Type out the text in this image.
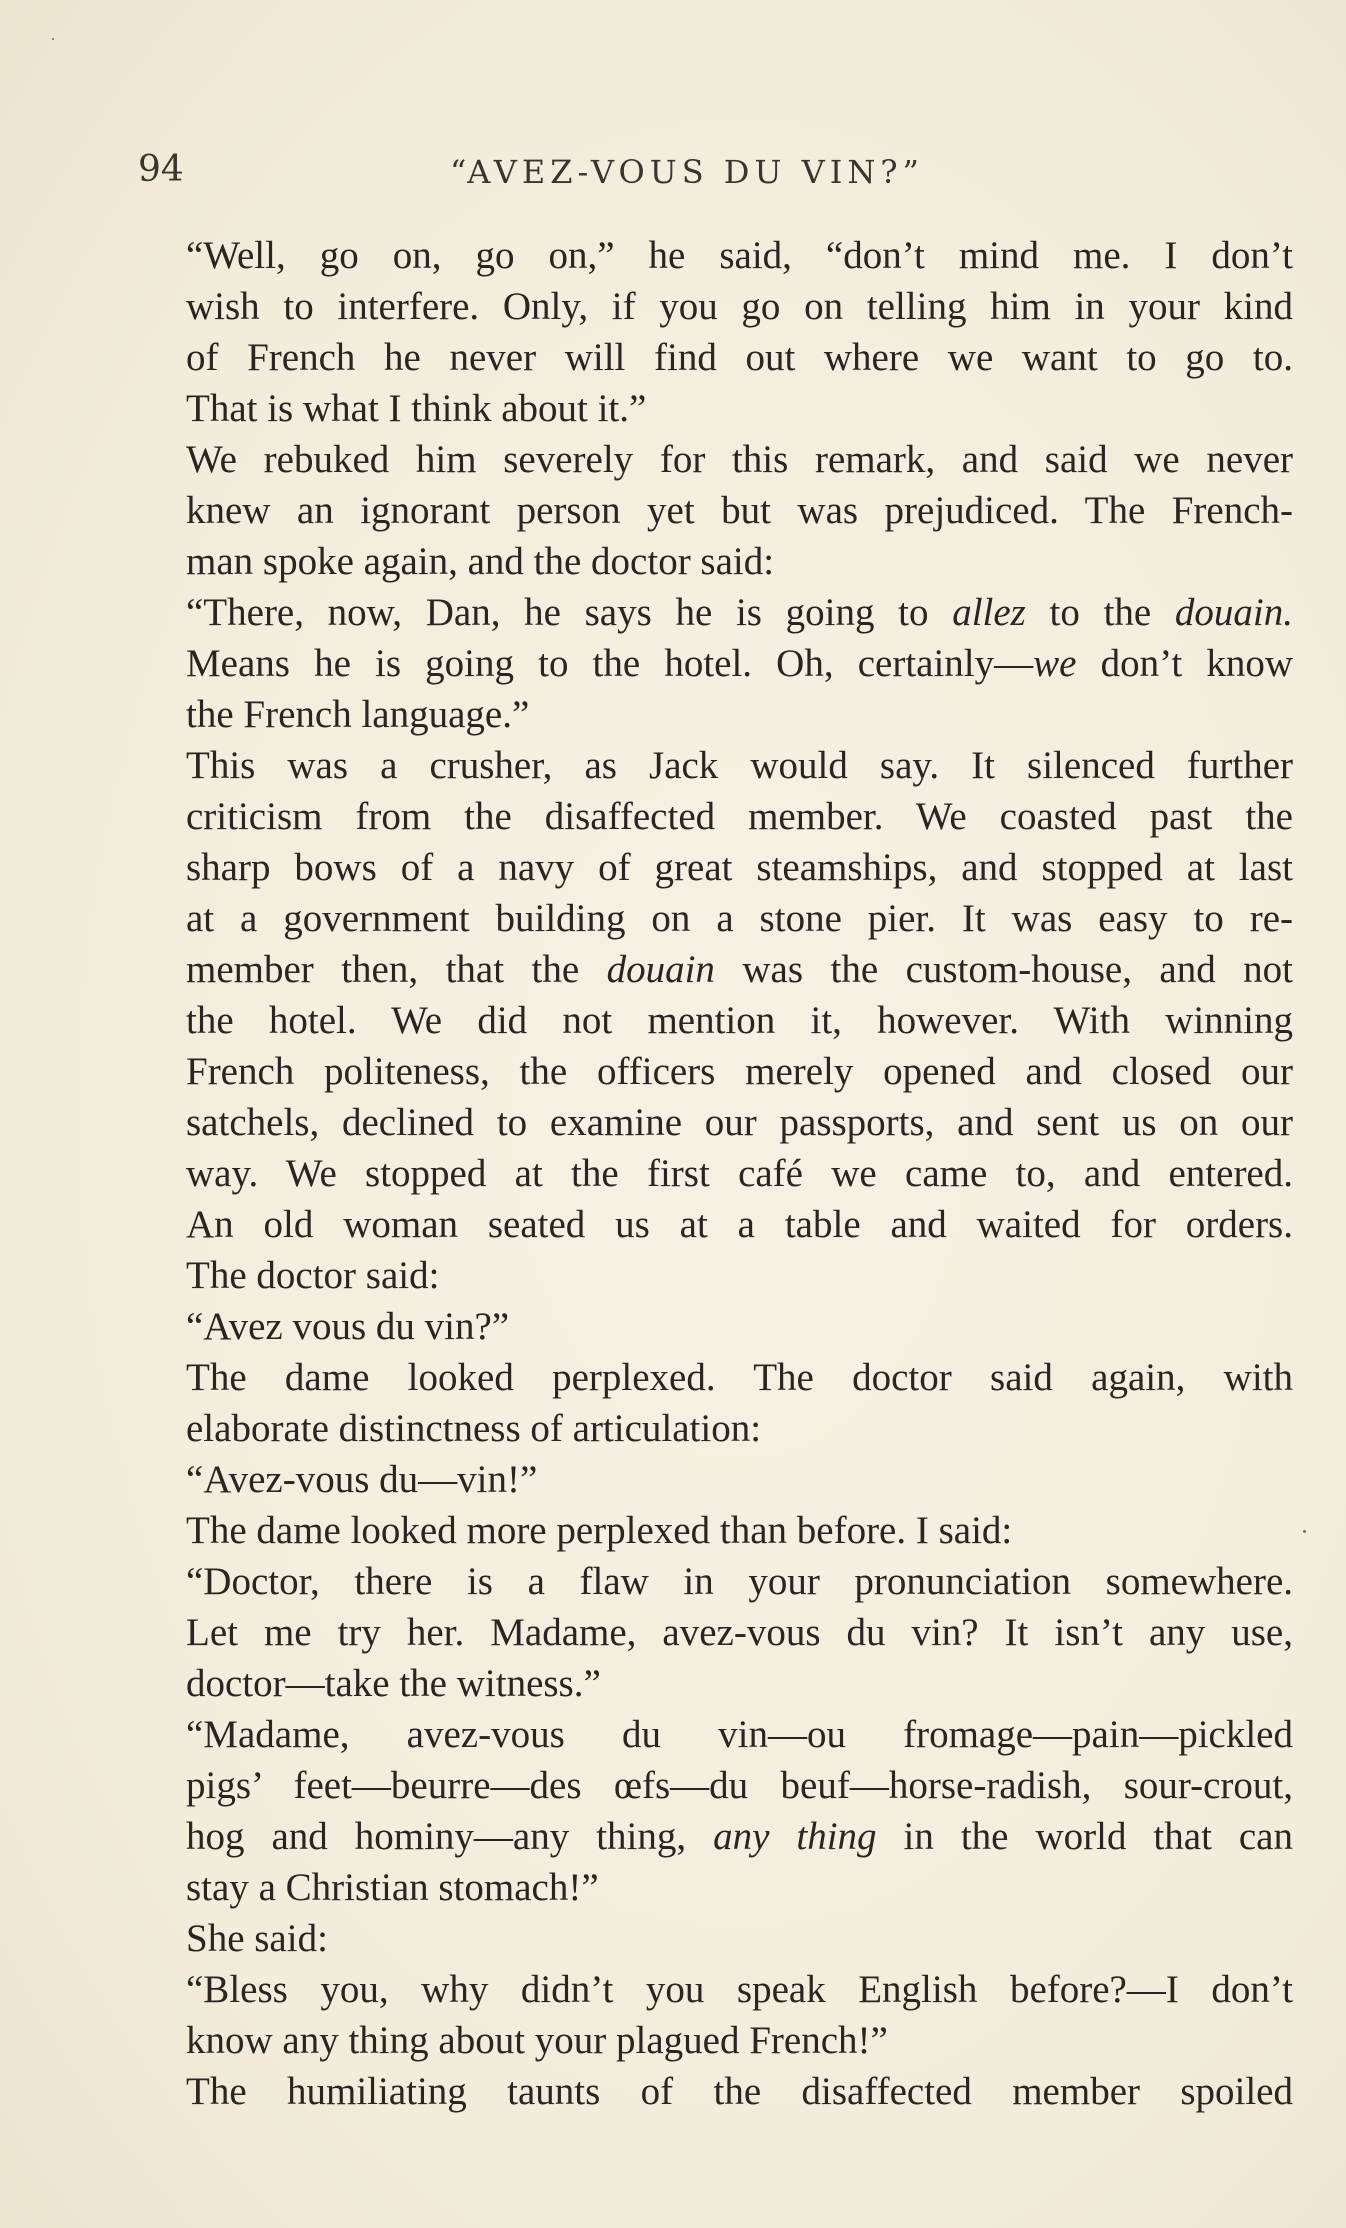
94	“AVEZ-VOUS DU VIN?”

“Well, go on, go on,” he said, “don’t mind me. I don’t
wish to interfere. Only, if you go on telling him in your kind
of French he never will find out where we want to go to.
That is what I think about it.”

We rebuked him severely for this remark, and said we never
knew an ignorant person yet but was prejudiced. The French-
man spoke again, and the doctor said:

“There, now, Dan, he says he is going to allez to the douain.
Means he is going to the hotel. Oh, certainly—we don’t know
the French language.”

This was a crusher, as Jack would say. It silenced further
criticism from the disaffected member. We coasted past the
sharp bows of a navy of great steamships, and stopped at last
at a government building on a stone pier. It was easy to re-
member then, that the douain was the custom-house, and not
the hotel. We did not mention it, however. With winning
French politeness, the officers merely opened and closed our
satchels, declined to examine our passports, and sent us on our
way. We stopped at the first café we came to, and entered.
An old woman seated us at a table and waited for orders.
The doctor said:

“Avez vous du vin?”

The dame looked perplexed. The doctor said again, with
elaborate distinctness of articulation:

“Avez-vous du—vin!”

The dame looked more perplexed than before. I said:

“Doctor, there is a flaw in your pronunciation somewhere.
Let me try her. Madame, avez-vous du vin? It isn’t any use,
doctor—take the witness.”

“Madame, avez-vous du vin—ou fromage—pain—pickled
pigs’ feet—beurre—des œfs—du beuf—horse-radish, sour-crout,
hog and hominy—any thing, any thing in the world that can
stay a Christian stomach!”

She said:

“Bless you, why didn’t you speak English before?—I don’t
know any thing about your plagued French!”

The humiliating taunts of the disaffected member spoiled
